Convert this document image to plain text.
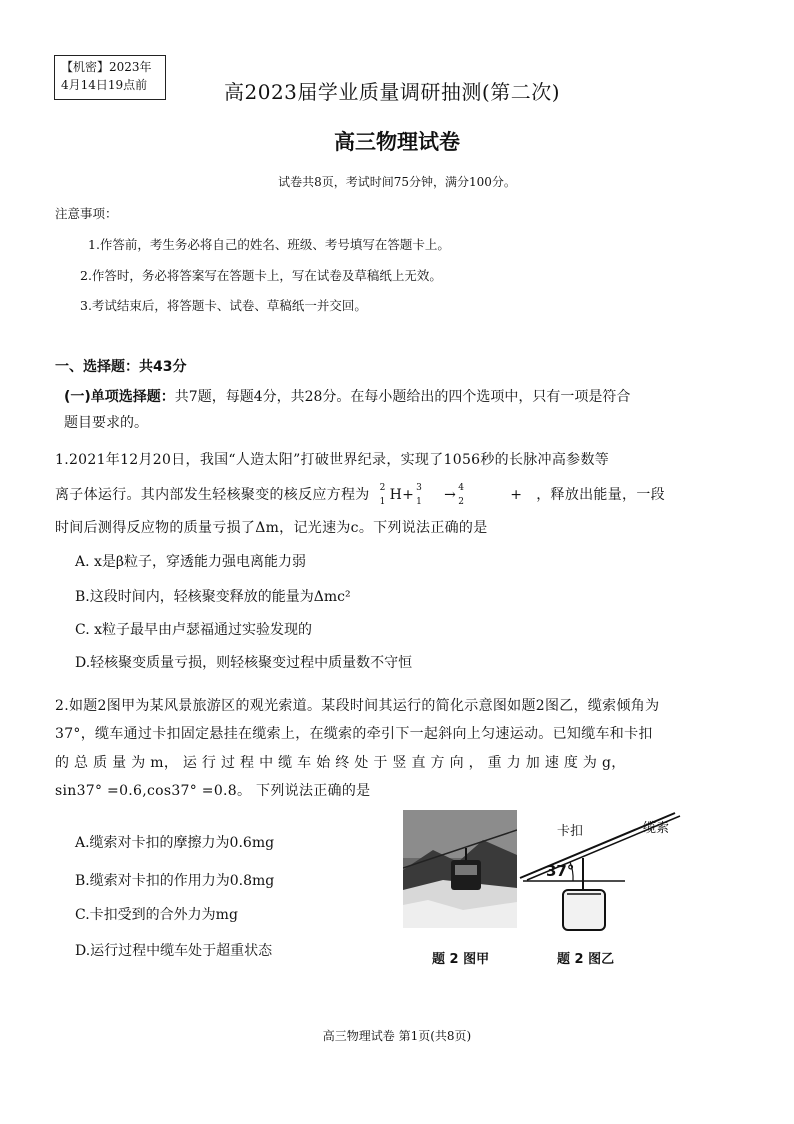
【机密】2023年
4月14日19点前	高2023届学业质量调研抽测(第二次)
高三物理试卷
试卷共8页，考试时间75分钟，满分100分。
注意事项：
1.作答前，考生务必将自己的姓名、班级、考号填写在答题卡上。
2.作答时，务必将答案写在答题卡上，写在试卷及草稿纸上无效。
3.考试结束后，将答题卡、试卷、草稿纸一并交回。
一、选择题：共43分
(一)单项选择题：共7题，每题4分，共28分。在每小题给出的四个选项中，只有一项是符合
题目要求的。
1.2021年12月20日，我国“人造太阳”打破世界纪录，实现了1056秒的长脉冲高参数等
离子体运行。其内部发生轻核聚变的核反应方程为 2
1 H+ 3
1 → 4
2	+ ，释放出能量，一段
时间后测得反应物的质量亏损了Δm，记光速为c。下列说法正确的是
A. x是β粒子，穿透能力强电离能力弱
B.这段时间内，轻核聚变释放的能量为Δmc²
C. x粒子最早由卢瑟福通过实验发现的
D.轻核聚变质量亏损，则轻核聚变过程中质量数不守恒
2.如题2图甲为某风景旅游区的观光索道。某段时间其运行的简化示意图如题2图乙，缆索倾角为
37°，缆车通过卡扣固定悬挂在缆索上，在缆索的牵引下一起斜向上匀速运动。已知缆车和卡扣
的 总 质 量 为 m， 运 行 过 程 中 缆 车 始 终 处 于 竖 直 方 向 ， 重 力 加 速 度 为 g，
sin37° =0.6,cos37° =0.8。 下列说法正确的是
A.缆索对卡扣的摩擦力为0.6mg
B.缆索对卡扣的作用力为0.8mg
C.卡扣受到的合外力为mg
D.运行过程中缆车处于超重状态
题 2 图甲
卡扣	缆索
37°
题 2 图乙
高三物理试卷 第1页(共8页)
